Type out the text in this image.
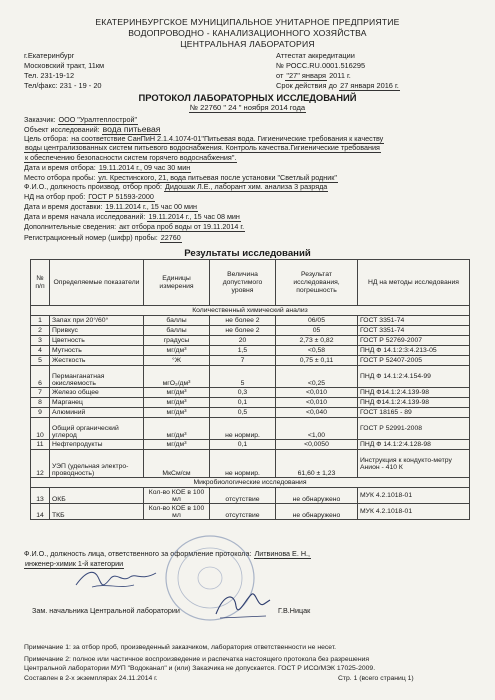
ЕКАТЕРИНБУРГСКОЕ МУНИЦИПАЛЬНОЕ УНИТАРНОЕ ПРЕДПРИЯТИЕ
ВОДОПРОВОДНО - КАНАЛИЗАЦИОННОГО ХОЗЯЙСТВА
ЦЕНТРАЛЬНАЯ ЛАБОРАТОРИЯ
г.Екатеринбург
Московский тракт, 11км
Тел. 231-19-12
Тел/факс: 231 - 19 - 20
Аттестат аккредитации
№ РОСС.RU.0001.516295
от "27" января 2011 г.
Срок действия до 27 января 2016 г.
ПРОТОКОЛ ЛАБОРАТОРНЫХ ИССЛЕДОВАНИЙ
№ 22760 " 24 " ноября 2014 года
Заказчик: ООО "Уралтеплострой"
Объект исследований: вода питьевая
Цель отбора: на соответствие СанПиН 2.1.4.1074-01"Питьевая вода. Гигиенические требования к качеству
воды централизованных систем питьевого водоснабжения. Контроль качества.Гигиенические требования
к обеспечению безопасности систем горячего водоснабжения".
Дата и время отбора: 19.11.2014 г., 09 час 30 мин
Место отбора пробы: ул. Крестинского, 21, вода питьевая после установки "Светлый родник"
Ф.И.О., должность производ. отбор проб: Дидошак Л.Е., лаборант хим. анализа 3 разряда
НД на отбор проб: ГОСТ Р 51593-2000
Дата и время доставки: 19.11.2014 г., 15 час 00 мин
Дата и время начала исследований: 19.11.2014 г., 15 час 08 мин
Дополнительные сведения: акт отбора проб воды от 19.11.2014 г.
Регистрационный номер (шифр) пробы: 22760
Результаты исследований
№ п/п	Определяемые показатели	Единицы измерения	Величина допустимого уровня	Результат исследования, погрешность	НД на методы исследования
Количественный химический анализ					
1	Запах при 20°/60°	баллы	не более 2	06/05	ГОСТ 3351-74
2	Привкус	баллы	не более 2	05	ГОСТ 3351-74
3	Цветность	градусы	20	2,73 ± 0,82	ГОСТ Р 52769-2007
4	Мутность	мг/дм³	1,5	<0,58	ПНД Ф 14.1:2:3:4.213-05
5	Жесткость	°Ж	7	0,75 ± 0,11	ГОСТ Р 52407-2005
6	Перманганатная окисляемость	мгO₂/дм³	5	<0,25	ПНД Ф 14.1:2:4.154-99
7	Железо общее	мг/дм³	0,3	<0,010	ПНД Ф14.1:2:4.139-98
8	Марганец	мг/дм³	0,1	<0,010	ПНД Ф14.1:2:4.139-98
9	Алюминий	мг/дм³	0,5	<0,040	ГОСТ 18165 - 89
10	Общий органический углерод	мг/дм³	не нормир.	<1,00	ГОСТ Р 52991-2008
11	Нефтепродукты	мг/дм³	0,1	<0,0050	ПНД Ф 14.1:2:4.128-98
12	УЭП (удельная электро-проводность)	МкСм/см	не нормир.	61,60 ± 1,23	Инструкция к кондукто-метру Анион - 410 К
Микробиологические исследования					
13	ОКБ	Кол-во КОЕ в 100 мл	отсутствие	не обнаружено	МУК 4.2.1018-01
14	ТКБ	Кол-во КОЕ в 100 мл	отсутствие	не обнаружено	МУК 4.2.1018-01
Ф.И.О., должность лица, ответственного за оформление протокола: Литвинова Е. Н.,
инженер-химик 1-й категории
Зам. начальника Центральной лаборатории	Г.В.Ницак
Примечание 1: за отбор проб, произведенный заказчиком, лаборатория ответственности не несет.
Примечание 2: полное или частичное воспроизведение и распечатка настоящего протокола без разрешения
Центральной лаборатории МУП "Водоканал" и (или) Заказчика не допускается. ГОСТ Р ИСО/МЭК 17025-2009.
Составлен в 2-х экземплярах 24.11.2014 г.	Стр. 1 (всего страниц 1)
